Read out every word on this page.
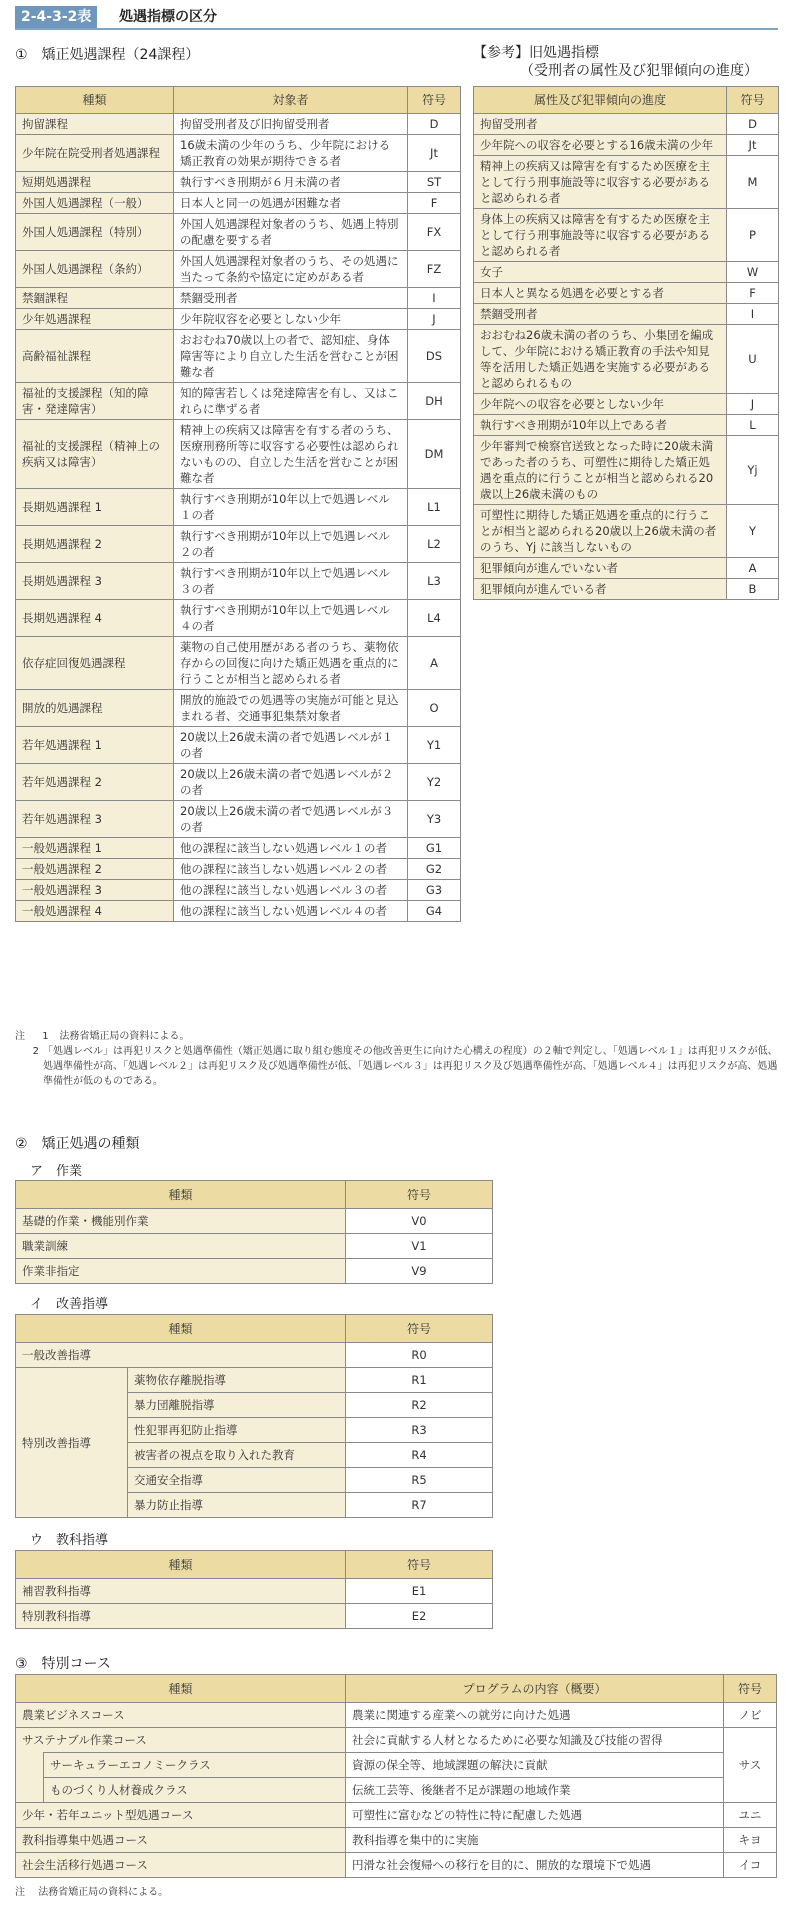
2-4-3-2表	処遇指標の区分
①　矯正処遇課程（24課程）
種類	対象者	符号
拘留課程	拘留受刑者及び旧拘留受刑者	D
少年院在院受刑者処遇課程	16歳未満の少年のうち、少年院における矯正教育の効果が期待できる者	Jt
短期処遇課程	執行すべき刑期が６月未満の者	ST
外国人処遇課程（一般）	日本人と同一の処遇が困難な者	F
外国人処遇課程（特別）	外国人処遇課程対象者のうち、処遇上特別の配慮を要する者	FX
外国人処遇課程（条約）	外国人処遇課程対象者のうち、その処遇に当たって条約や協定に定めがある者	FZ
禁錮課程	禁錮受刑者	I
少年処遇課程	少年院収容を必要としない少年	J
高齢福祉課程	おおむね70歳以上の者で、認知症、身体障害等により自立した生活を営むことが困難な者	DS
福祉的支援課程（知的障害・発達障害）	知的障害若しくは発達障害を有し、又はこれらに準ずる者	DH
福祉的支援課程（精神上の疾病又は障害）	精神上の疾病又は障害を有する者のうち、医療刑務所等に収容する必要性は認められないものの、自立した生活を営むことが困難な者	DM
長期処遇課程 1	執行すべき刑期が10年以上で処遇レベル１の者	L1
長期処遇課程 2	執行すべき刑期が10年以上で処遇レベル２の者	L2
長期処遇課程 3	執行すべき刑期が10年以上で処遇レベル３の者	L3
長期処遇課程 4	執行すべき刑期が10年以上で処遇レベル４の者	L4
依存症回復処遇課程	薬物の自己使用歴がある者のうち、薬物依存からの回復に向けた矯正処遇を重点的に行うことが相当と認められる者	A
開放的処遇課程	開放的施設での処遇等の実施が可能と見込まれる者、交通事犯集禁対象者	O
若年処遇課程 1	20歳以上26歳未満の者で処遇レベルが１の者	Y1
若年処遇課程 2	20歳以上26歳未満の者で処遇レベルが２の者	Y2
若年処遇課程 3	20歳以上26歳未満の者で処遇レベルが３の者	Y3
一般処遇課程 1	他の課程に該当しない処遇レベル１の者	G1
一般処遇課程 2	他の課程に該当しない処遇レベル２の者	G2
一般処遇課程 3	他の課程に該当しない処遇レベル３の者	G3
一般処遇課程 4	他の課程に該当しない処遇レベル４の者	G4
注 1 法務省矯正局の資料による。
2 「処遇レベル」は再犯リスクと処遇準備性（矯正処遇に取り組む態度その他改善更生に向けた心構えの程度）の２軸で判定し、「処遇レベル１」は再犯リスクが低、処遇準備性が高、「処遇レベル２」は再犯リスク及び処遇準備性が低、「処遇レベル３」は再犯リスク及び処遇準備性が高、「処遇レベル４」は再犯リスクが高、処遇準備性が低のものである。
【参考】旧処遇指標
（受刑者の属性及び犯罪傾向の進度）
属性及び犯罪傾向の進度	符号
拘留受刑者	D
少年院への収容を必要とする16歳未満の少年	Jt
精神上の疾病又は障害を有するため医療を主として行う刑事施設等に収容する必要があると認められる者	M
身体上の疾病又は障害を有するため医療を主として行う刑事施設等に収容する必要があると認められる者	P
女子	W
日本人と異なる処遇を必要とする者	F
禁錮受刑者	I
おおむね26歳未満の者のうち、小集団を編成して、少年院における矯正教育の手法や知見等を活用した矯正処遇を実施する必要があると認められるもの	U
少年院への収容を必要としない少年	J
執行すべき刑期が10年以上である者	L
少年審判で検察官送致となった時に20歳未満であった者のうち、可塑性に期待した矯正処遇を重点的に行うことが相当と認められる20歳以上26歳未満のもの	Yj
可塑性に期待した矯正処遇を重点的に行うことが相当と認められる20歳以上26歳未満の者のうち、Yj に該当しないもの	Y
犯罪傾向が進んでいない者	A
犯罪傾向が進んでいる者	B
②　矯正処遇の種類
ア　作業
種類	符号
基礎的作業・機能別作業	V0
職業訓練	V1
作業非指定	V9
イ　改善指導
種類		符号
一般改善指導		R0
特別改善指導	薬物依存離脱指導	R1
	暴力団離脱指導	R2
	性犯罪再犯防止指導	R3
	被害者の視点を取り入れた教育	R4
	交通安全指導	R5
	暴力防止指導	R7
ウ　教科指導
種類	符号
補習教科指導	E1
特別教科指導	E2
③　特別コース
種類		プログラムの内容（概要）	符号
農業ビジネスコース		農業に関連する産業への就労に向けた処遇	ノビ
サステナブル作業コース		社会に貢献する人材となるために必要な知識及び技能の習得	サス
	サーキュラーエコノミークラス	資源の保全等、地域課題の解決に貢献	
	ものづくり人材養成クラス	伝統工芸等、後継者不足が課題の地域作業	
少年・若年ユニット型処遇コース		可塑性に富むなどの特性に特に配慮した処遇	ユニ
教科指導集中処遇コース		教科指導を集中的に実施	キヨ
社会生活移行処遇コース		円滑な社会復帰への移行を目的に、開放的な環境下で処遇	イコ
注 法務省矯正局の資料による。
